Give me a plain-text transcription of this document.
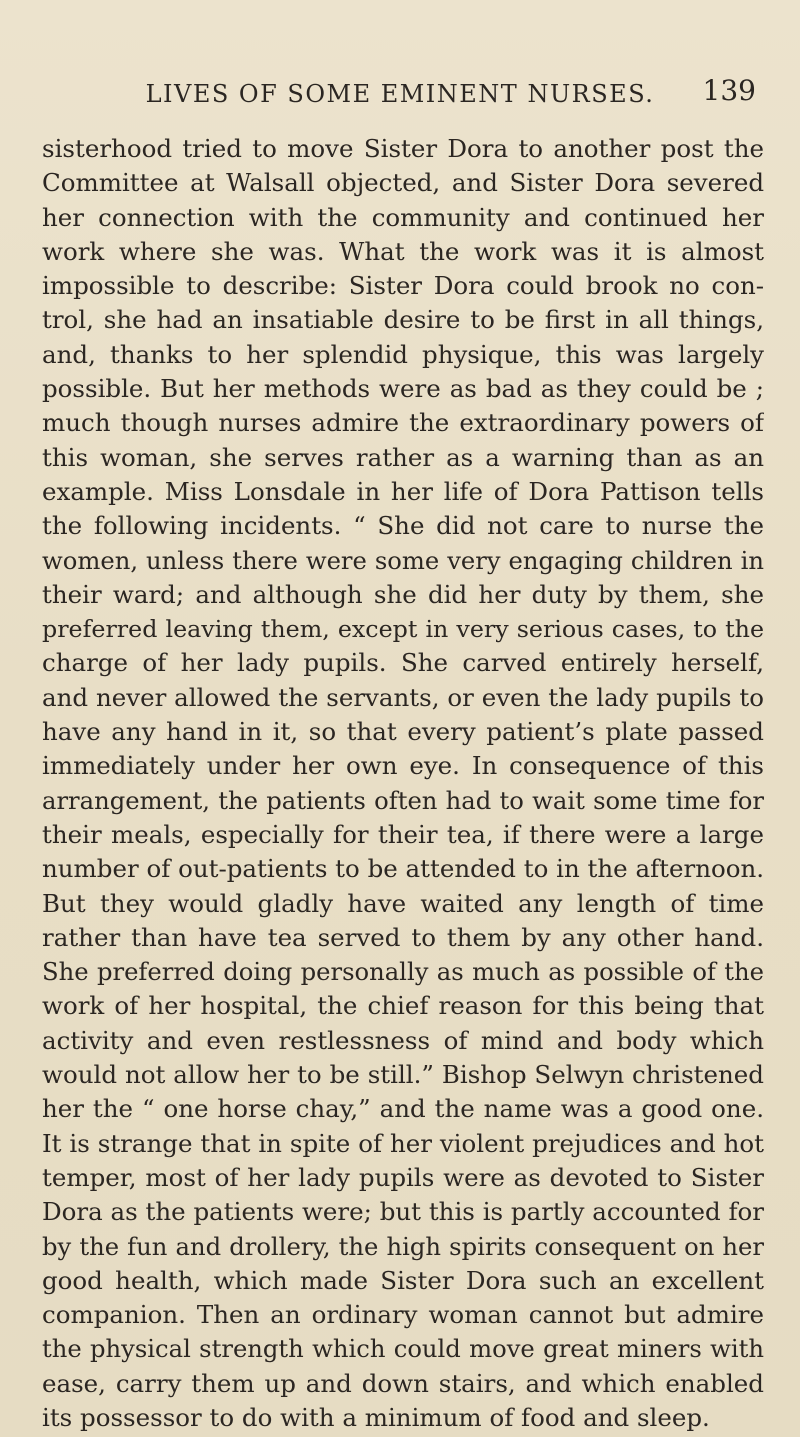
LIVES OF SOME EMINENT NURSES.	139
sisterhood tried to move Sister Dora to another post the
Committee at Walsall objected, and Sister Dora severed
her connection with the community and continued her
work where she was. What the work was it is almost
impossible to describe: Sister Dora could brook no con-
trol, she had an insatiable desire to be first in all things,
and, thanks to her splendid physique, this was largely
possible. But her methods were as bad as they could be ;
much though nurses admire the extraordinary powers of
this woman, she serves rather as a warning than as an
example. Miss Lonsdale in her life of Dora Pattison tells
the following incidents. “ She did not care to nurse the
women, unless there were some very engaging children in
their ward; and although she did her duty by them, she
preferred leaving them, except in very serious cases, to the
charge of her lady pupils. She carved entirely herself,
and never allowed the servants, or even the lady pupils to
have any hand in it, so that every patient’s plate passed
immediately under her own eye. In consequence of this
arrangement, the patients often had to wait some time for
their meals, especially for their tea, if there were a large
number of out-patients to be attended to in the afternoon.
But they would gladly have waited any length of time
rather than have tea served to them by any other hand.
She preferred doing personally as much as possible of the
work of her hospital, the chief reason for this being that
activity and even restlessness of mind and body which
would not allow her to be still.” Bishop Selwyn christened
her the “ one horse chay,” and the name was a good one.
It is strange that in spite of her violent prejudices and hot
temper, most of her lady pupils were as devoted to Sister
Dora as the patients were; but this is partly accounted for
by the fun and drollery, the high spirits consequent on her
good health, which made Sister Dora such an excellent
companion. Then an ordinary woman cannot but admire
the physical strength which could move great miners with
ease, carry them up and down stairs, and which enabled
its possessor to do with a minimum of food and sleep.
